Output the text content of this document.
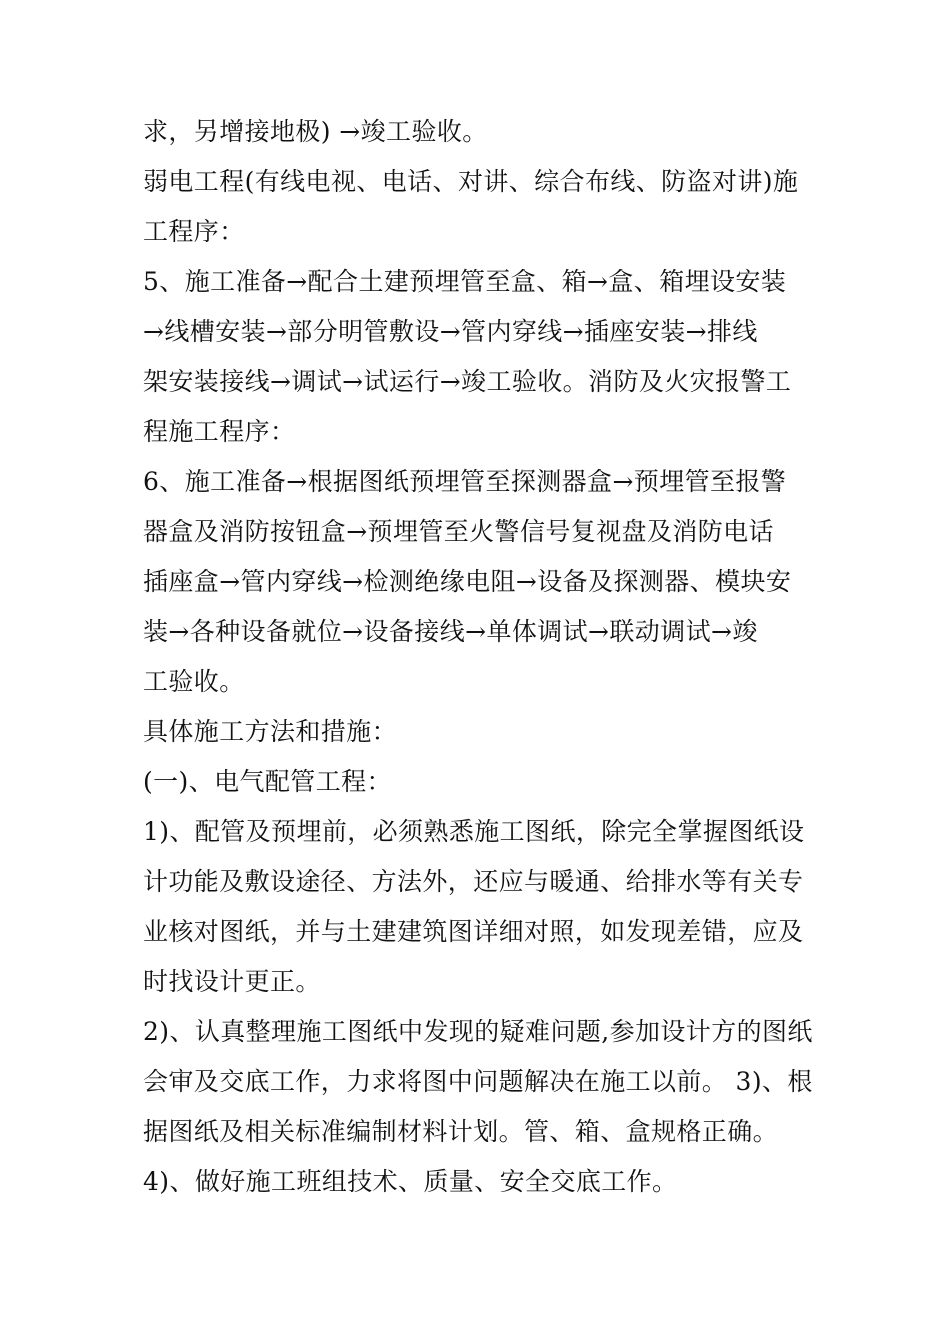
求，另增接地极) →竣工验收。
弱电工程(有线电视、电话、对讲、综合布线、防盗对讲)施
工程序：
5、施工准备→配合土建预埋管至盒、箱→盒、箱埋设安装
→线槽安装→部分明管敷设→管内穿线→插座安装→排线
架安装接线→调试→试运行→竣工验收。消防及火灾报警工
程施工程序：
6、施工准备→根据图纸预埋管至探测器盒→预埋管至报警
器盒及消防按钮盒→预埋管至火警信号复视盘及消防电话
插座盒→管内穿线→检测绝缘电阻→设备及探测器、模块安
装→各种设备就位→设备接线→单体调试→联动调试→竣
工验收。
具体施工方法和措施：
(一)、电气配管工程：
1)、配管及预埋前，必须熟悉施工图纸，除完全掌握图纸设
计功能及敷设途径、方法外，还应与暖通、给排水等有关专
业核对图纸，并与土建建筑图详细对照，如发现差错，应及
时找设计更正。
2)、认真整理施工图纸中发现的疑难问题,参加设计方的图纸
会审及交底工作，力求将图中问题解决在施工以前。 3)、根
据图纸及相关标准编制材料计划。管、箱、盒规格正确。
4)、做好施工班组技术、质量、安全交底工作。
